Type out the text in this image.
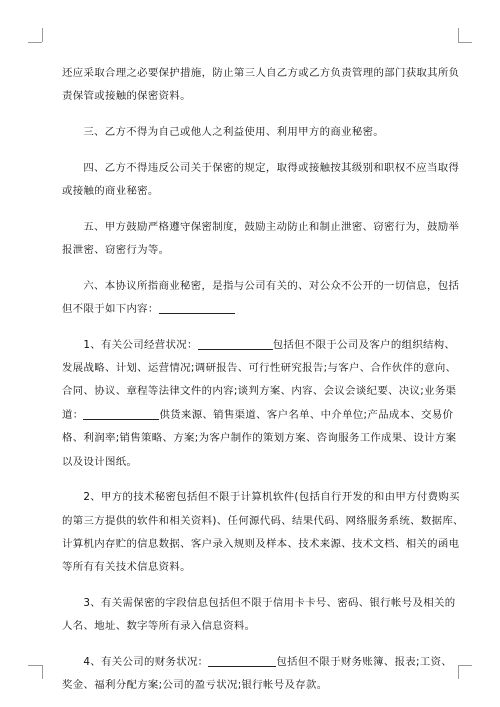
还应采取合理之必要保护措施，防止第三人自乙方或乙方负责管理的部门获取其所负
责保管或接触的保密资料。

三、乙方不得为自己或他人之利益使用、利用甲方的商业秘密。

四、乙方不得违反公司关于保密的规定，取得或接触按其级别和职权不应当取得
或接触的商业秘密。

五、甲方鼓励严格遵守保密制度，鼓励主动防止和制止泄密、窃密行为，鼓励举
报泄密、窃密行为等。

六、本协议所指商业秘密，是指与公司有关的、对公众不公开的一切信息，包括
但不限于如下内容：

1、有关公司经营状况：	包括但不限于公司及客户的组织结构、
发展战略、计划、运营情况;调研报告、可行性研究报告;与客户、合作伙伴的意向、
合同、协议、章程等法律文件的内容;谈判方案、内容、会议会谈纪要、决议;业务渠
道：	供货来源、销售渠道、客户名单、中介单位;产品成本、交易价
格、利润率;销售策略、方案;为客户制作的策划方案、咨询服务工作成果、设计方案
以及设计图纸。

2、甲方的技术秘密包括但不限于计算机软件(包括自行开发的和由甲方付费购买
的第三方提供的软件和相关资料)、任何源代码、结果代码、网络服务系统、数据库、
计算机内存贮的信息数据、客户录入规则及样本、技术来源、技术文档、相关的函电
等所有有关技术信息资料。

3、有关需保密的字段信息包括但不限于信用卡卡号、密码、银行帐号及相关的
人名、地址、数字等所有录入信息资料。

4、有关公司的财务状况：	包括但不限于财务账簿、报表;工资、
奖金、福利分配方案;公司的盈亏状况;银行帐号及存款。
